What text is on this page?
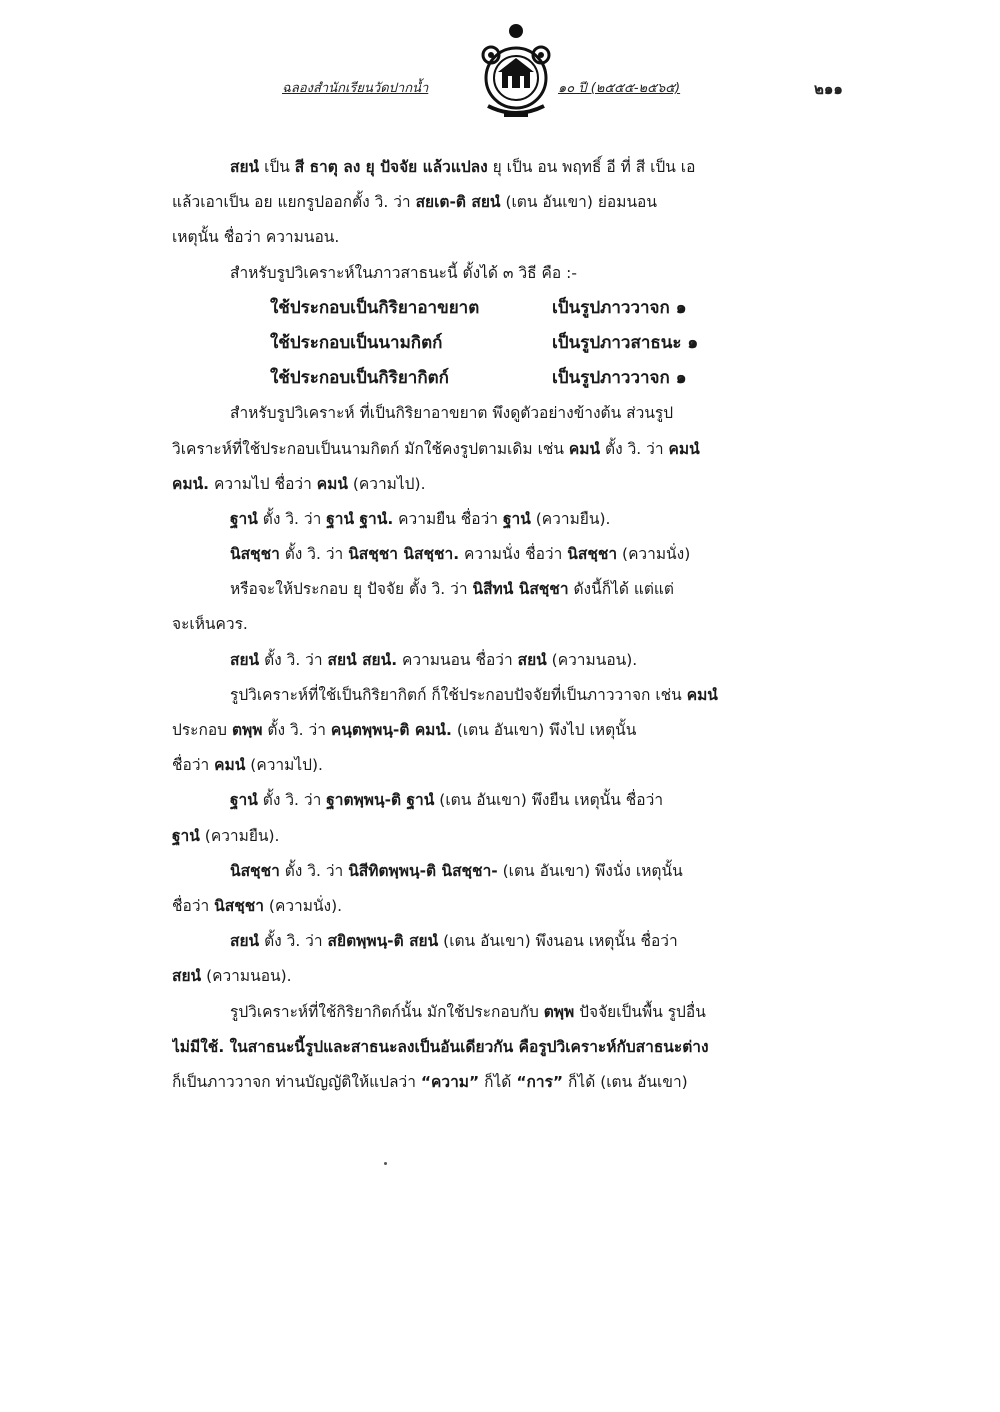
ฉลองสำนักเรียนวัดปากน้ำ	๑๐ ปี (๒๕๕๕-๒๕๖๕)	๒๑๑
สยนํ เป็น สี ธาตุ ลง ยุ ปัจจัย แล้วแปลง ยุ เป็น อน พฤทธิ์ อี ที่ สี เป็น เอ
แล้วเอาเป็น อย แยกรูปออกตั้ง วิ. ว่า สยเต-ติ สยนํ (เตน อันเขา) ย่อมนอน
เหตุนั้น ชื่อว่า ความนอน.
สำหรับรูปวิเคราะห์ในภาวสาธนะนี้ ตั้งได้ ๓ วิธี คือ :-
ใช้ประกอบเป็นกิริยาอาขยาต	เป็นรูปภาววาจก ๑
ใช้ประกอบเป็นนามกิตก์	เป็นรูปภาวสาธนะ ๑
ใช้ประกอบเป็นกิริยากิตก์	เป็นรูปภาววาจก ๑
สำหรับรูปวิเคราะห์ ที่เป็นกิริยาอาขยาต พึงดูตัวอย่างข้างต้น ส่วนรูป
วิเคราะห์ที่ใช้ประกอบเป็นนามกิตก์ มักใช้คงรูปตามเดิม เช่น คมนํ ตั้ง วิ. ว่า คมนํ
คมนํ. ความไป ชื่อว่า คมนํ (ความไป).
ฐานํ ตั้ง วิ. ว่า ฐานํ ฐานํ. ความยืน ชื่อว่า ฐานํ (ความยืน).
นิสชฺชา ตั้ง วิ. ว่า นิสชฺชา นิสชฺชา. ความนั่ง ชื่อว่า นิสชฺชา (ความนั่ง)
หรือจะให้ประกอบ ยุ ปัจจัย ตั้ง วิ. ว่า นิสีทนํ นิสชฺชา ดังนี้ก็ได้ แต่แต่
จะเห็นควร.
สยนํ ตั้ง วิ. ว่า สยนํ สยนํ. ความนอน ชื่อว่า สยนํ (ความนอน).
รูปวิเคราะห์ที่ใช้เป็นกิริยากิตก์ ก็ใช้ประกอบปัจจัยที่เป็นภาววาจก เช่น คมนํ
ประกอบ ตพฺพ ตั้ง วิ. ว่า คนฺตพฺพนฺ-ติ คมนํ. (เตน อันเขา) พึงไป เหตุนั้น
ชื่อว่า คมนํ (ความไป).
ฐานํ ตั้ง วิ. ว่า ฐาตพฺพนฺ-ติ ฐานํ (เตน อันเขา) พึงยืน เหตุนั้น ชื่อว่า
ฐานํ (ความยืน).
นิสชฺชา ตั้ง วิ. ว่า นิสีทิตพฺพนฺ-ติ นิสชฺชา- (เตน อันเขา) พึงนั่ง เหตุนั้น
ชื่อว่า นิสชฺชา (ความนั่ง).
สยนํ ตั้ง วิ. ว่า สยิตพฺพนฺ-ติ สยนํ (เตน อันเขา) พึงนอน เหตุนั้น ชื่อว่า
สยนํ (ความนอน).
รูปวิเคราะห์ที่ใช้กิริยากิตก์นั้น มักใช้ประกอบกับ ตพฺพ ปัจจัยเป็นพื้น รูปอื่น
ไม่มีใช้. ในสาธนะนี้รูปและสาธนะลงเป็นอันเดียวกัน คือรูปวิเคราะห์กับสาธนะต่าง
ก็เป็นภาววาจก ท่านบัญญัติให้แปลว่า “ความ” ก็ได้ “การ” ก็ได้ (เตน อันเขา)
